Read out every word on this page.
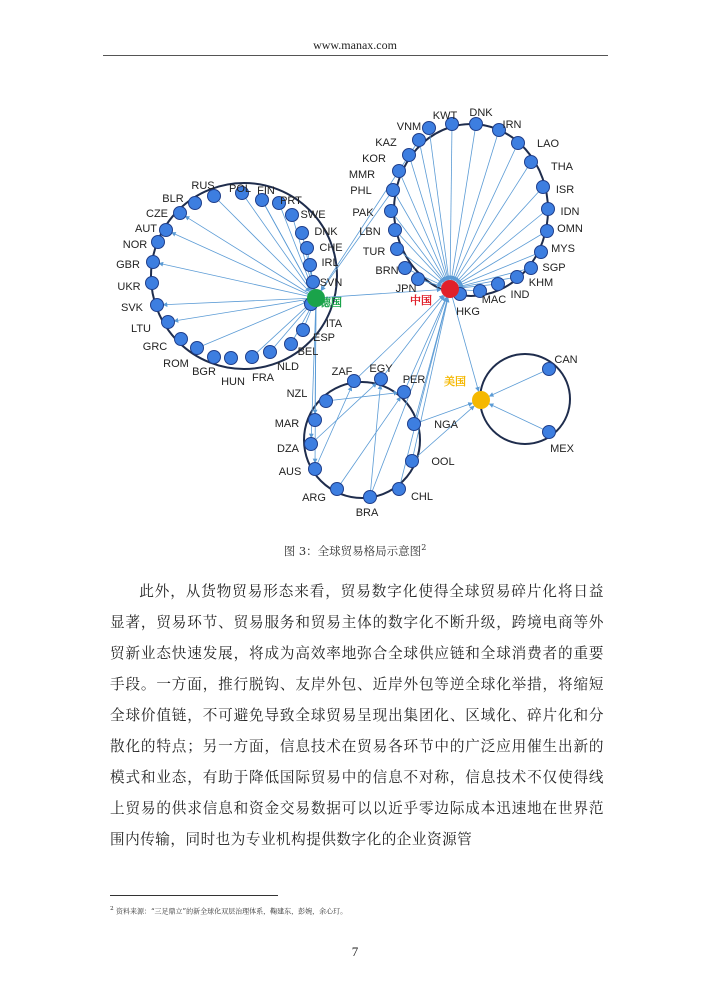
www.manax.com
RUS POL FIN
PRT
SWE
DNK
CHE
IRL
SVN
ITA
ESP
BEL
NLD
FRA
HUN
BGR
ROM
GRC
LTU
SVK
UKR
GBR
NOR
AUT
CZE
BLR
VNM
KWT DNK
IRN
LAO
THA
ISR
IDN
OMN
MYS
SGP
KHM
IND
MAC
HKG
JPN
BRN
TUR
LBN
PAK
PHL
MMR
KOR
KAZ
ZAF EGY
PER
NGA
OOL
CHL
BRA
ARG
AUS
DZA
MAR
NZL
CAN
MEX
德国	中国
美国
图 3：全球贸易格局示意图$^2$

此外，从货物贸易形态来看，贸易数字化使得全球贸易碎片化将日益显著，贸易环节、贸易服务和贸易主体的数字化不断升级，跨境电商等外贸新业态快速发展，将成为高效率地弥合全球供应链和全球消费者的重要手段。一方面，推行脱钩、友岸外包、近岸外包等逆全球化举措，将缩短全球价值链，不可避免导致全球贸易呈现出集团化、区域化、碎片化和分散化的特点；另一方面，信息技术在贸易各环节中的广泛应用催生出新的模式和业态，有助于降低国际贸易中的信息不对称，信息技术不仅使得线上贸易的供求信息和资金交易数据可以以近乎零边际成本迅速地在世界范围内传输，同时也为专业机构提供数字化的企业资源管

$^2$ 资料来源：“三足鼎立”的新全球化双层治理体系，鞠建东，彭婉，余心玎。
7
